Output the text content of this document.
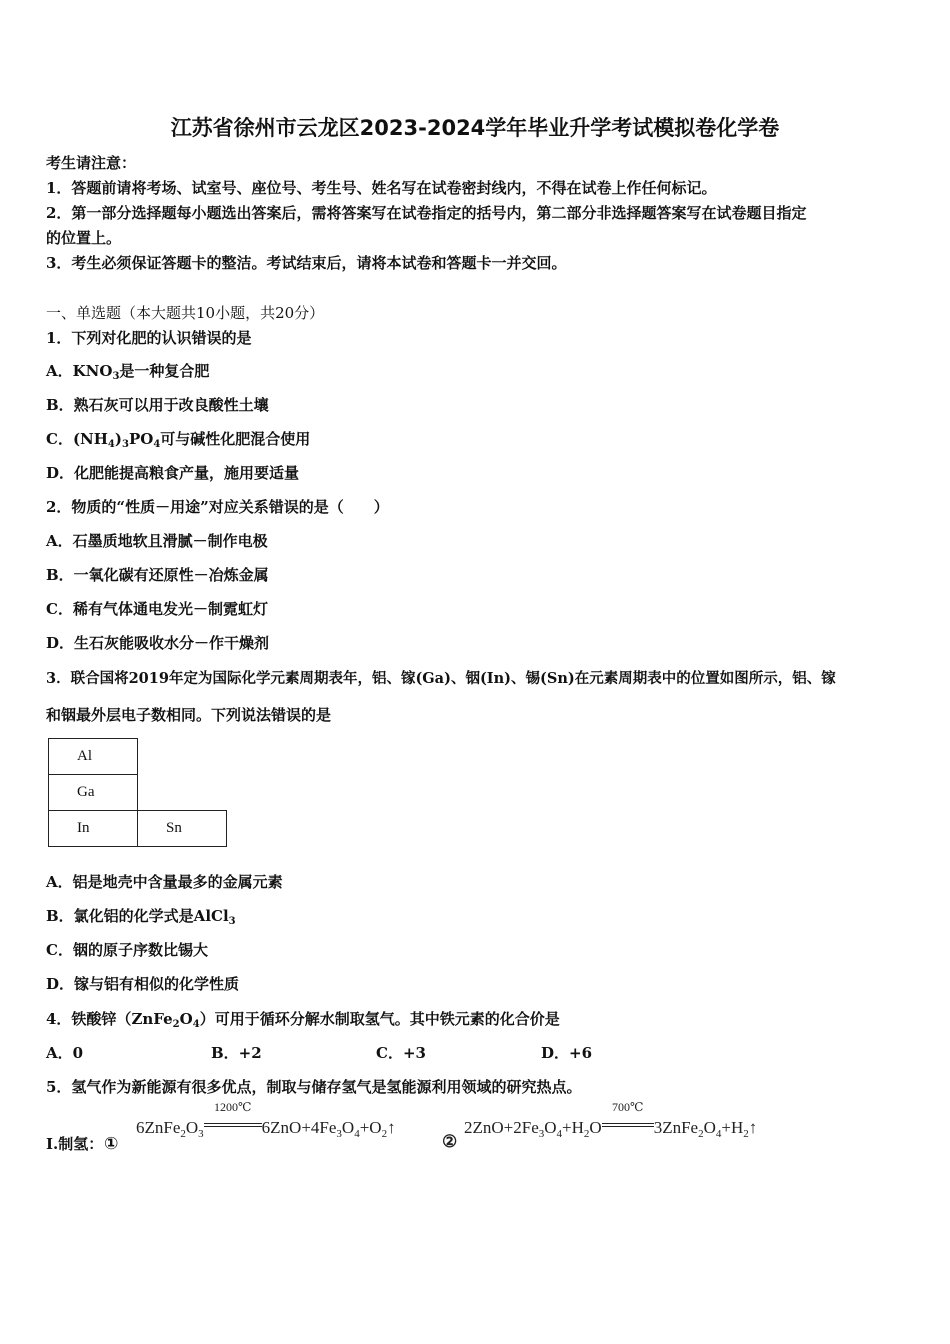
江苏省徐州市云龙区2023-2024学年毕业升学考试模拟卷化学卷
考生请注意：
1．答题前请将考场、试室号、座位号、考生号、姓名写在试卷密封线内，不得在试卷上作任何标记。
2．第一部分选择题每小题选出答案后，需将答案写在试卷指定的括号内，第二部分非选择题答案写在试卷题目指定
的位置上。
3．考生必须保证答题卡的整洁。考试结束后，请将本试卷和答题卡一并交回。
一、单选题（本大题共10小题，共20分）
1．下列对化肥的认识错误的是
A．$KNO_3$是一种复合肥
B．熟石灰可以用于改良酸性土壤
C．$(NH_4)_3PO_4$可与碱性化肥混合使用
D．化肥能提高粮食产量，施用要适量
2．物质的“性质－用途”对应关系错误的是（　　）
A．石墨质地软且滑腻－制作电极
B．一氧化碳有还原性－冶炼金属
C．稀有气体通电发光－制霓虹灯
D．生石灰能吸收水分－作干燥剂
3．联合国将2019年定为国际化学元素周期表年，铝、镓(Ga)、铟(In)、锡(Sn)在元素周期表中的位置如图所示，铝、镓
和铟最外层电子数相同。下列说法错误的是
Al	
Ga	
In	Sn
A．铝是地壳中含量最多的金属元素
B．氯化铝的化学式是AlCl$_3$
C．铟的原子序数比锡大
D．镓与铝有相似的化学性质
4．铁酸锌$(ZnFe_2O_4)$可用于循环分解水制取氢气。其中铁元素的化合价是
A．0	B．+2	C．+3	D．+6
5．氢气作为新能源有很多优点，制取与储存氢气是氢能源利用领域的研究热点。
Ⅰ.制氢：①
$6ZnFe_2O_3$
1200℃
$6ZnO+4Fe_3O_4+O_2↑$
②
$2ZnO+2Fe_3O_4+H_2O$
700℃
$3ZnFe_2O_4+H_2↑$
